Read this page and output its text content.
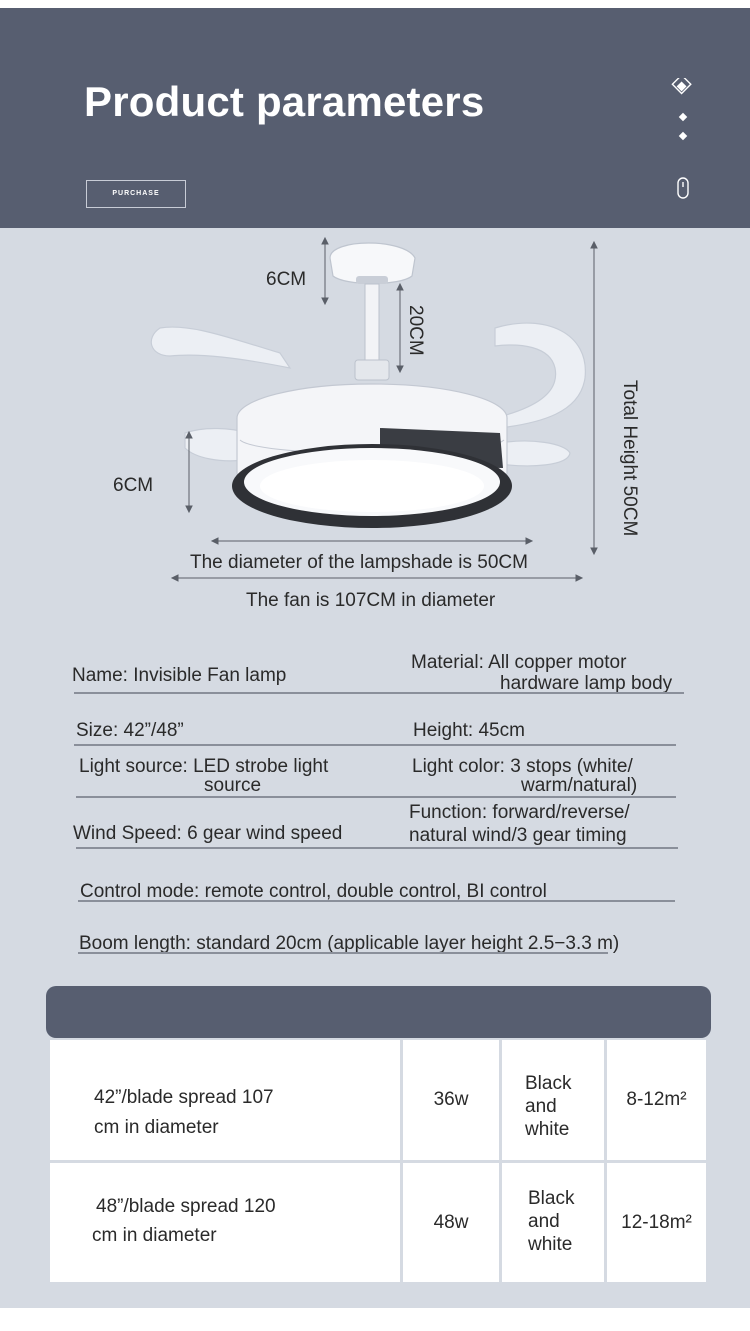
Product parameters
PURCHASE
6CM
20CM
Total Height 50CM
6CM
The diameter of the lampshade is 50CM
The fan is 107CM in diameter
Name: Invisible Fan lamp
Material: All copper motor
hardware lamp body
Size: 42”/48”	Height: 45cm
Light source: LED strobe light
source
Light color: 3 stops (white/
warm/natural)
Function: forward/reverse/
natural wind/3 gear timing
Wind Speed: 6 gear wind speed
Control mode: remote control, double control, BI control
Boom length: standard 20cm (applicable layer height 2.5−3.3 m)
42”/blade spread 107
cm in diameter
36w
Black
and
white
8-12m²
48”/blade spread 120
cm in diameter
48w
Black
and
white
12-18m²
